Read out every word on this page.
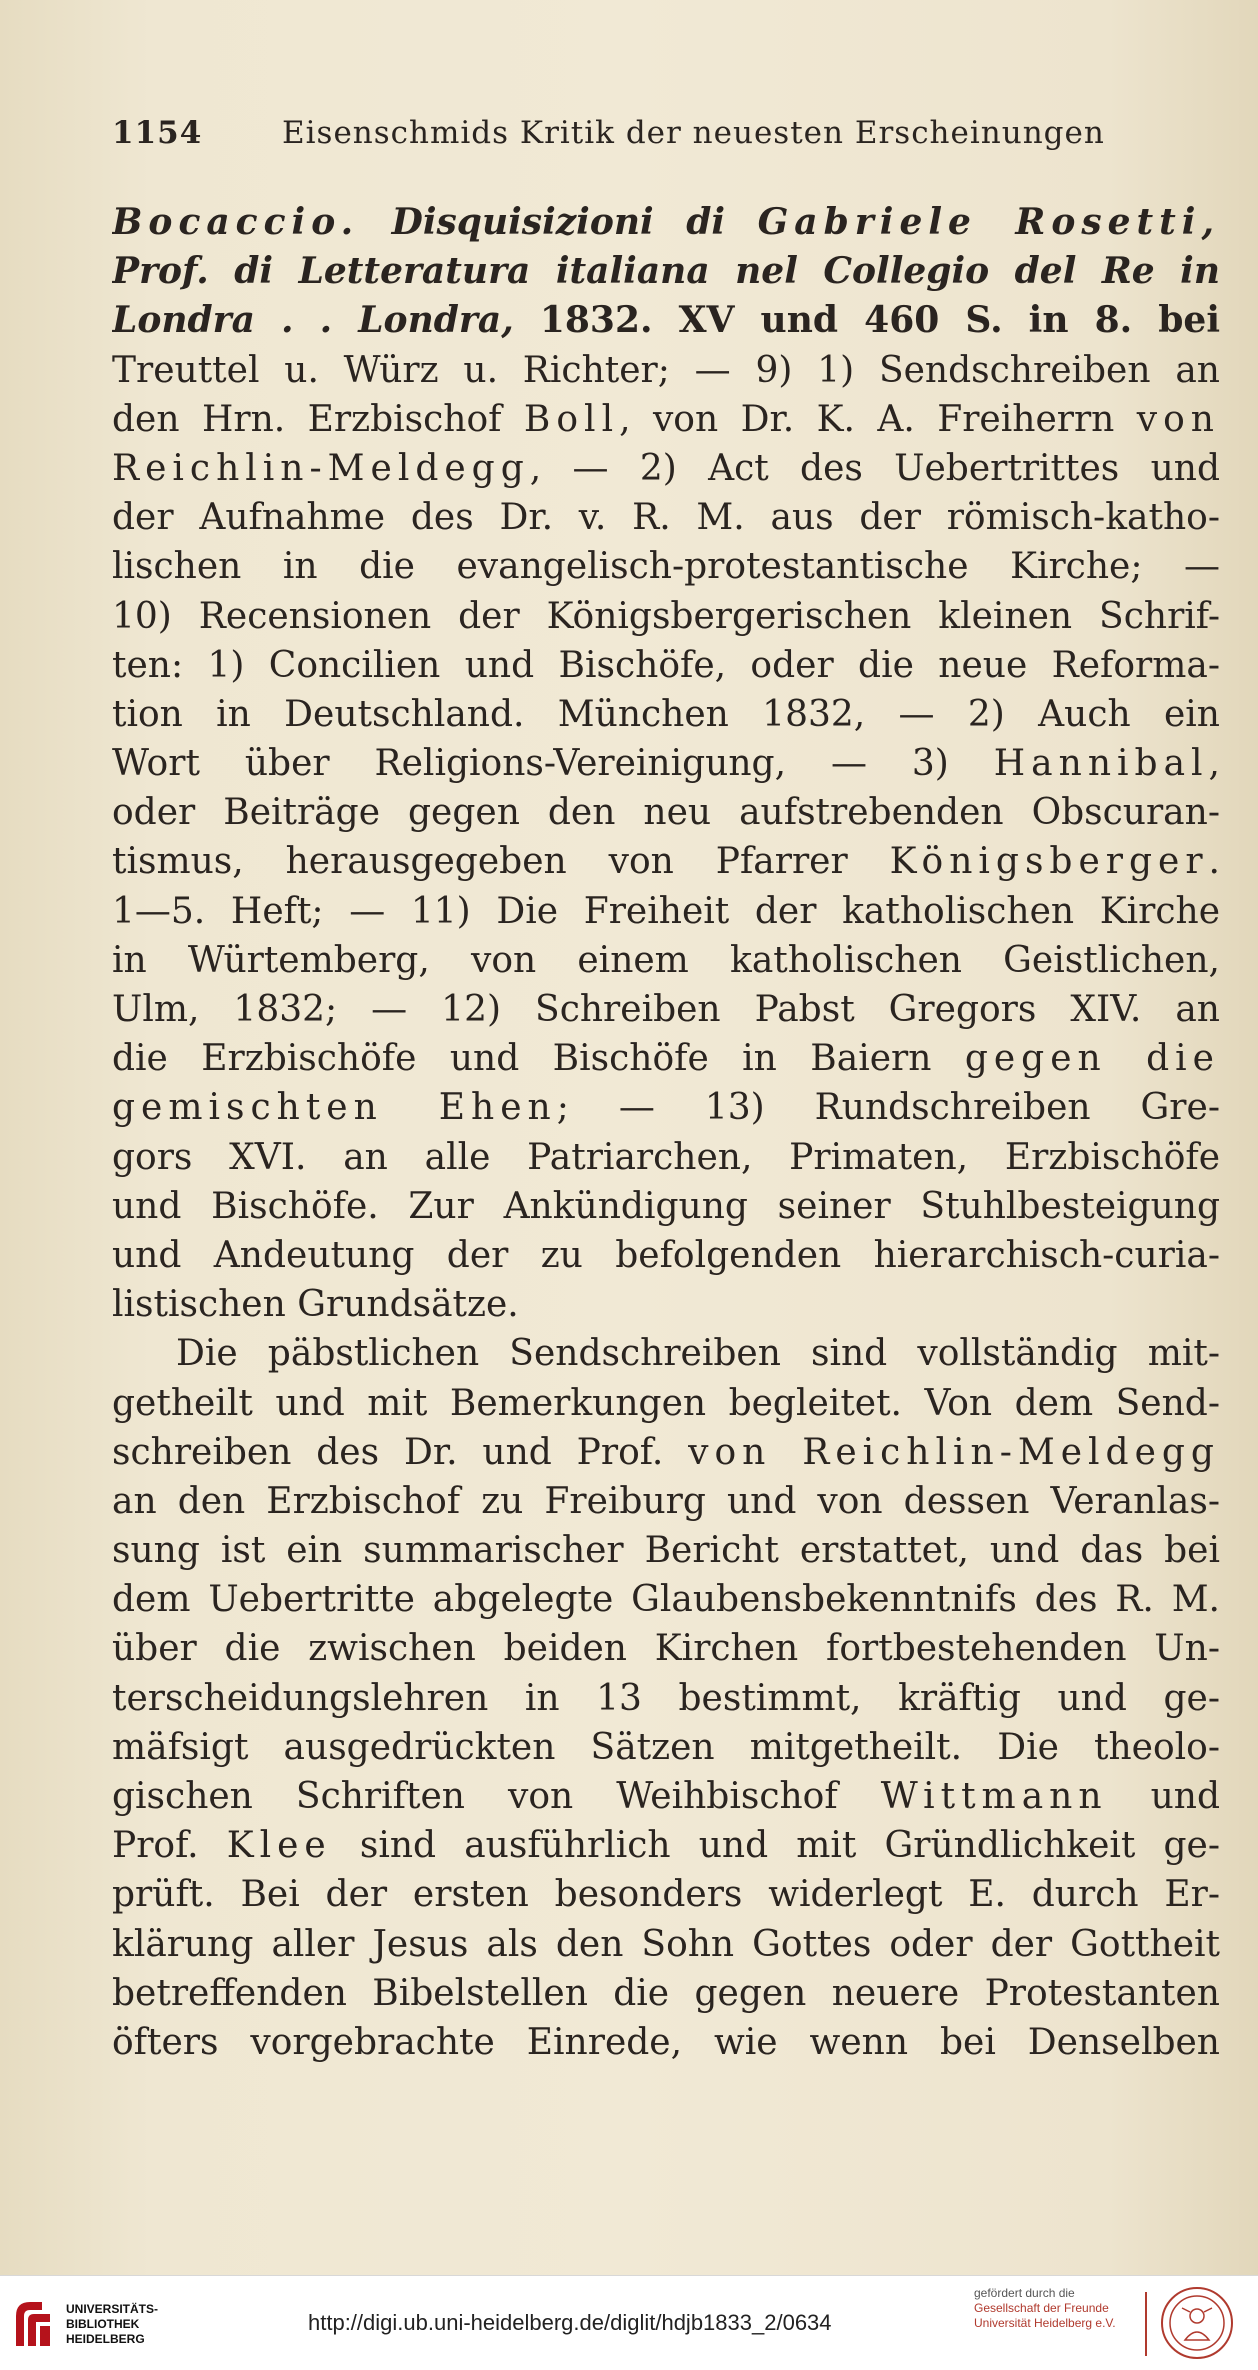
1154	Eisenschmids Kritik der neuesten Erscheinungen
Bocaccio. Disquisizioni di Gabriele Rosetti,
Prof. di Letteratura italiana nel Collegio del Re in
Londra . . Londra, 1832. XV und 460 S. in 8. bei
Treuttel u. Würz u. Richter; — 9) 1) Sendschreiben an
den Hrn. Erzbischof Boll, von Dr. K. A. Freiherrn von
Reichlin-Meldegg, — 2) Act des Uebertrittes und
der Aufnahme des Dr. v. R. M. aus der römisch-katho-
lischen in die evangelisch-protestantische Kirche; —
10) Recensionen der Königsbergerischen kleinen Schrif-
ten: 1) Concilien und Bischöfe, oder die neue Reforma-
tion in Deutschland. München 1832, — 2) Auch ein
Wort über Religions-Vereinigung, — 3) Hannibal,
oder Beiträge gegen den neu aufstrebenden Obscuran-
tismus, herausgegeben von Pfarrer Königsberger.
1—5. Heft; — 11) Die Freiheit der katholischen Kirche
in Würtemberg, von einem katholischen Geistlichen,
Ulm, 1832; — 12) Schreiben Pabst Gregors XIV. an
die Erzbischöfe und Bischöfe in Baiern gegen die
gemischten Ehen; — 13) Rundschreiben Gre-
gors XVI. an alle Patriarchen, Primaten, Erzbischöfe
und Bischöfe. Zur Ankündigung seiner Stuhlbesteigung
und Andeutung der zu befolgenden hierarchisch-curia-
listischen Grundsätze.
Die päbstlichen Sendschreiben sind vollständig mit-
getheilt und mit Bemerkungen begleitet. Von dem Send-
schreiben des Dr. und Prof. von Reichlin-Meldegg
an den Erzbischof zu Freiburg und von dessen Veranlas-
sung ist ein summarischer Bericht erstattet, und das bei
dem Uebertritte abgelegte Glaubensbekenntnifs des R. M.
über die zwischen beiden Kirchen fortbestehenden Un-
terscheidungslehren in 13 bestimmt, kräftig und ge-
mäfsigt ausgedrückten Sätzen mitgetheilt. Die theolo-
gischen Schriften von Weihbischof Wittmann und
Prof. Klee sind ausführlich und mit Gründlichkeit ge-
prüft. Bei der ersten besonders widerlegt E. durch Er-
klärung aller Jesus als den Sohn Gottes oder der Gottheit
betreffenden Bibelstellen die gegen neuere Protestanten
öfters vorgebrachte Einrede, wie wenn bei Denselben
UNIVERSITÄTS-
BIBLIOTHEK
HEIDELBERG
http://digi.ub.uni-heidelberg.de/diglit/hdjb1833_2/0634
gefördert durch die
Gesellschaft der Freunde
Universität Heidelberg e.V.
